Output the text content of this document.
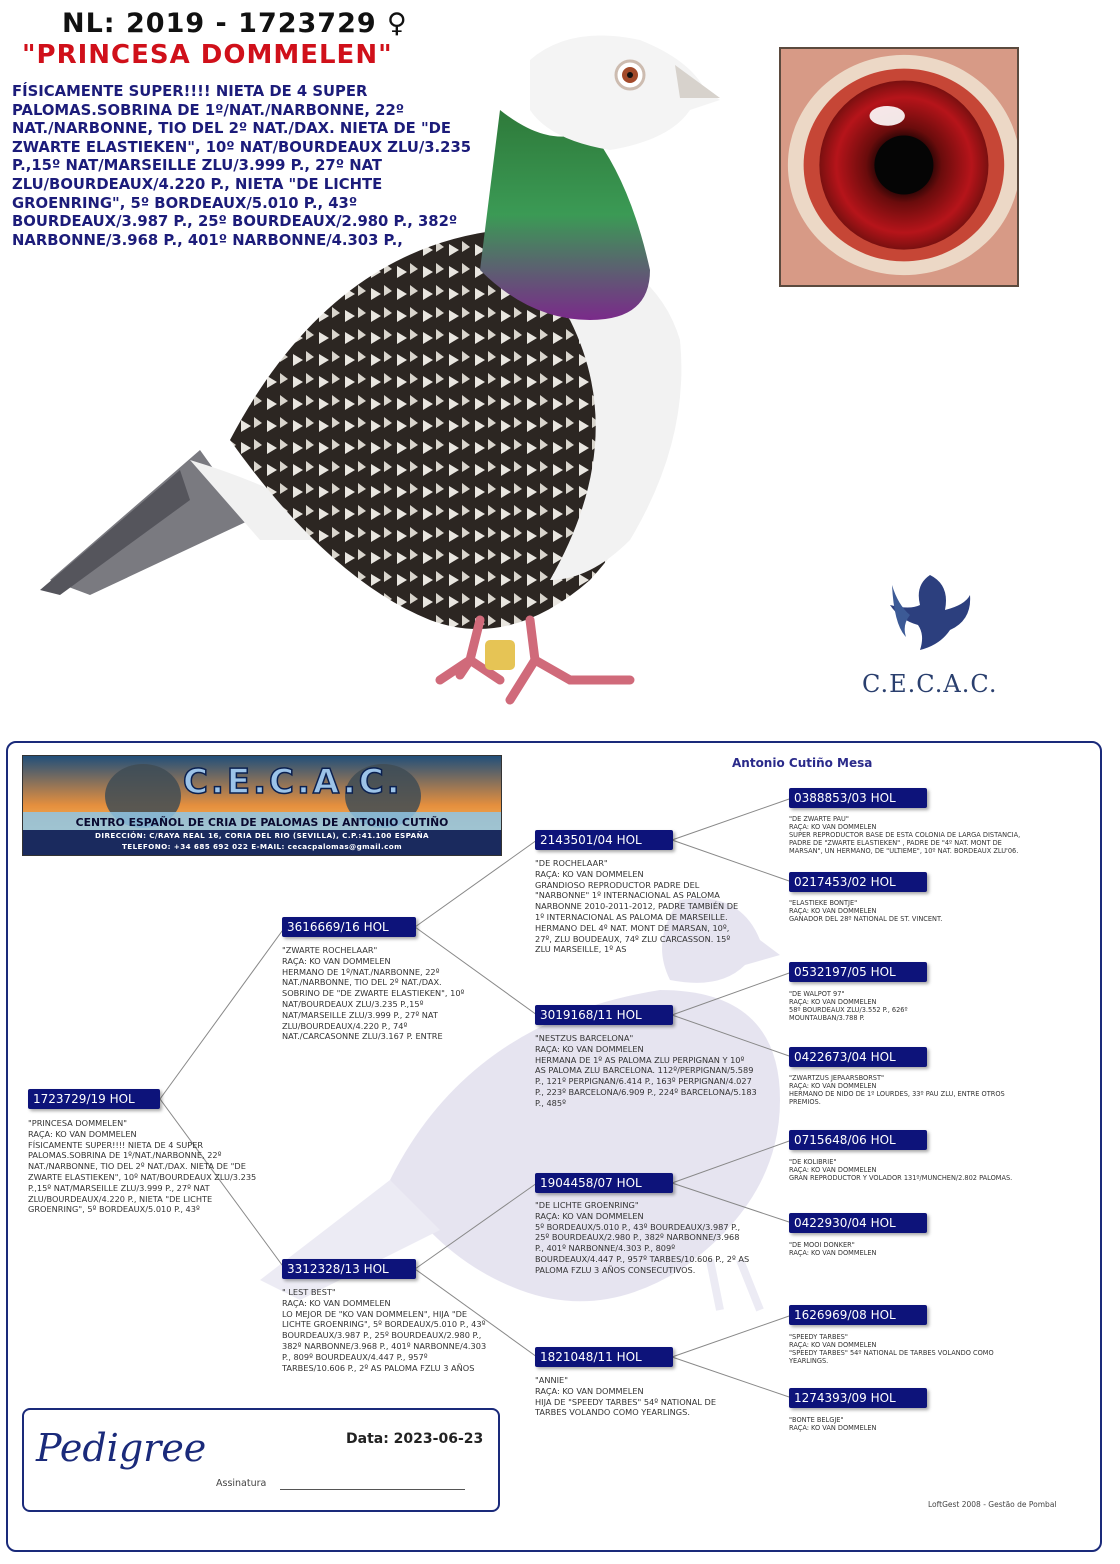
NL: 2019 - 1723729 ♀
"PRINCESA DOMMELEN"
FÍSICAMENTE SUPER!!!! NIETA DE 4 SUPER PALOMAS.SOBRINA DE 1º/NAT./NARBONNE, 22º NAT./NARBONNE, TIO DEL 2º NAT./DAX. NIETA DE "DE ZWARTE ELASTIEKEN", 10º NAT/BOURDEAUX ZLU/3.235 P.,15º NAT/MARSEILLE ZLU/3.999 P., 27º NAT ZLU/BOURDEAUX/4.220 P., NIETA "DE LICHTE GROENRING", 5º BORDEAUX/5.010 P., 43º BOURDEAUX/3.987 P., 25º BOURDEAUX/2.980 P., 382º NARBONNE/3.968 P., 401º NARBONNE/4.303 P.,
C.E.C.A.C.
Antonio Cutiño Mesa
C.E.C.A.C.
CENTRO ESPAÑOL DE CRIA DE PALOMAS DE ANTONIO CUTIÑO
DIRECCIÓN: C/RAYA REAL 16, CORIA DEL RIO (SEVILLA), C.P.:41.100 ESPAÑA
TELEFONO: +34 685 692 022 E-MAIL: cecacpalomas@gmail.com
1723729/19 HOL
"PRINCESA DOMMELEN"
RAÇA: KO VAN DOMMELEN
FÍSICAMENTE SUPER!!!! NIETA DE 4 SUPER PALOMAS.SOBRINA DE 1º/NAT./NARBONNE, 22º NAT./NARBONNE, TIO DEL 2º NAT./DAX. NIETA DE "DE ZWARTE ELASTIEKEN", 10º NAT/BOURDEAUX ZLU/3.235 P.,15º NAT/MARSEILLE ZLU/3.999 P., 27º NAT ZLU/BOURDEAUX/4.220 P., NIETA "DE LICHTE GROENRING", 5º BORDEAUX/5.010 P., 43º
3616669/16 HOL
"ZWARTE ROCHELAAR"
RAÇA: KO VAN DOMMELEN
HERMANO DE 1º/NAT./NARBONNE, 22º NAT./NARBONNE, TIO DEL 2º NAT./DAX. SOBRINO DE "DE ZWARTE ELASTIEKEN", 10º NAT/BOURDEAUX ZLU/3.235 P.,15º NAT/MARSEILLE ZLU/3.999 P., 27º NAT ZLU/BOURDEAUX/4.220 P., 74º NAT./CARCASONNE ZLU/3.167 P. ENTRE
3312328/13 HOL
" LEST BEST"
RAÇA: KO VAN DOMMELEN
LO MEJOR DE "KO VAN DOMMELEN", HIJA "DE LICHTE GROENRING", 5º BORDEAUX/5.010 P., 43º BOURDEAUX/3.987 P., 25º BOURDEAUX/2.980 P., 382º NARBONNE/3.968 P., 401º NARBONNE/4.303 P., 809º BOURDEAUX/4.447 P., 957º TARBES/10.606 P., 2º AS PALOMA FZLU 3 AÑOS
2143501/04 HOL
"DE ROCHELAAR"
RAÇA: KO VAN DOMMELEN
GRANDIOSO REPRODUCTOR PADRE DEL "NARBONNE" 1º INTERNACIONAL AS PALOMA NARBONNE 2010-2011-2012, PADRE TAMBIÉN DE 1º INTERNACIONAL AS PALOMA DE MARSEILLE. HERMANO DEL 4º NAT. MONT DE MARSAN, 10º, 27º, ZLU BOUDEAUX, 74º ZLU CARCASSON. 15º ZLU MARSEILLE, 1º AS
3019168/11 HOL
"NESTZUS BARCELONA"
RAÇA: KO VAN DOMMELEN
HERMANA DE 1º AS PALOMA ZLU PERPIGNAN Y 10º AS PALOMA ZLU BARCELONA. 112º/PERPIGNAN/5.589 P., 121º PERPIGNAN/6.414 P., 163º PERPIGNAN/4.027 P., 223º BARCELONA/6.909 P., 224º BARCELONA/5.183 P., 485º
1904458/07 HOL
"DE LICHTE GROENRING"
RAÇA: KO VAN DOMMELEN
5º BORDEAUX/5.010 P., 43º BOURDEAUX/3.987 P., 25º BOURDEAUX/2.980 P., 382º NARBONNE/3.968 P., 401º NARBONNE/4.303 P., 809º BOURDEAUX/4.447 P., 957º TARBES/10.606 P., 2º AS PALOMA FZLU 3 AÑOS CONSECUTIVOS.
1821048/11 HOL
"ANNIE"
RAÇA: KO VAN DOMMELEN
HIJA DE "SPEEDY TARBES" 54º NATIONAL DE TARBES VOLANDO COMO YEARLINGS.
0388853/03 HOL
"DE ZWARTE PAU"
RAÇA: KO VAN DOMMELEN
SUPER REPRODUCTOR BASE DE ESTA COLONIA DE LARGA DISTANCIA, PADRE DE "ZWARTE ELASTIEKEN" , PADRE DE "4º NAT. MONT DE MARSAN", UN HERMANO, DE "ULTIEME", 10º NAT. BORDEAUX ZLU'06.
0217453/02 HOL
"ELASTIEKE BONTJE"
RAÇA: KO VAN DOMMELEN
GANADOR DEL 28º NATIONAL DE ST. VINCENT.
0532197/05 HOL
"DE WALPOT 97"
RAÇA: KO VAN DOMMELEN
58º BOURDEAUX ZLU/3.552 P., 626º MOUNTAUBAN/3.788 P.
0422673/04 HOL
"ZWARTZUS JEPAARSBORST"
RAÇA: KO VAN DOMMELEN
HERMANO DE NIDO DE 1º LOURDES, 33º PAU ZLU, ENTRE OTROS PREMIOS.
0715648/06 HOL
"DE KOLIBRIE"
RAÇA: KO VAN DOMMELEN
GRAN REPRODUCTOR Y VOLADOR 131º/MUNCHEN/2.802 PALOMAS.
0422930/04 HOL
"DE MOOI DONKER"
RAÇA: KO VAN DOMMELEN
1626969/08 HOL
"SPEEDY TARBES"
RAÇA: KO VAN DOMMELEN
"SPEEDY TARBES" 54º NATIONAL DE TARBES VOLANDO COMO YEARLINGS.
1274393/09 HOL
"BONTE BELGJE"
RAÇA: KO VAN DOMMELEN
Pedigree	Data: 2023-06-23
Assinatura
LoftGest 2008 - Gestão de Pombal
